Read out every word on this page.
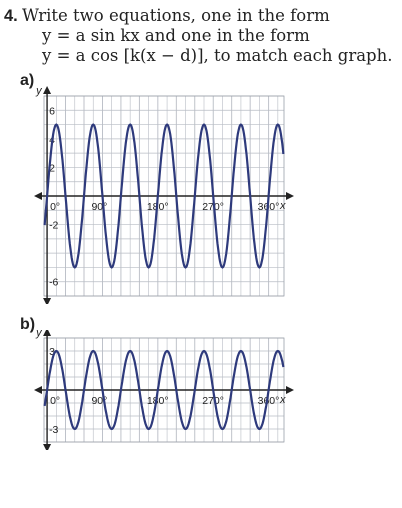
4. Write two equations, one in the form
y = a sin kx and one in the form
y = a cos [k(x − d)], to match each graph.
a)
y
x
0°	90°	180°	270°	360°
6
4
2
-2
-6
b) y
x
0°	90°	180°	270°	360°
3
-3
